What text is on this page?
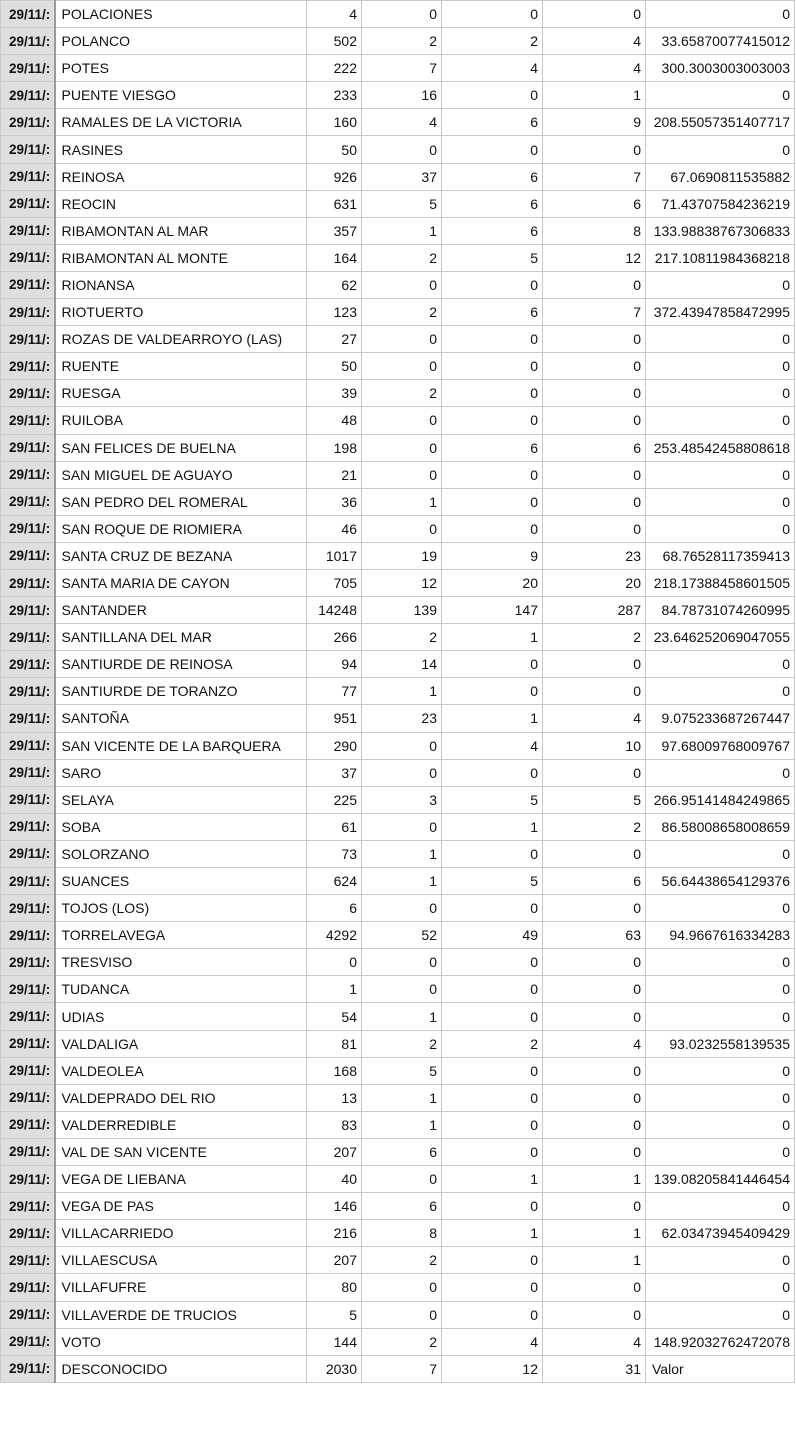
29/11/:	POLACIONES	4	0	0	0	0
29/11/:	POLANCO	502	2	2	4	33.65870077415012
29/11/:	POTES	222	7	4	4	300.3003003003003
29/11/:	PUENTE VIESGO	233	16	0	1	0
29/11/:	RAMALES DE LA VICTORIA	160	4	6	9	208.55057351407717
29/11/:	RASINES	50	0	0	0	0
29/11/:	REINOSA	926	37	6	7	67.0690811535882
29/11/:	REOCIN	631	5	6	6	71.43707584236219
29/11/:	RIBAMONTAN AL MAR	357	1	6	8	133.98838767306833
29/11/:	RIBAMONTAN AL MONTE	164	2	5	12	217.10811984368218
29/11/:	RIONANSA	62	0	0	0	0
29/11/:	RIOTUERTO	123	2	6	7	372.43947858472995
29/11/:	ROZAS DE VALDEARROYO (LAS)	27	0	0	0	0
29/11/:	RUENTE	50	0	0	0	0
29/11/:	RUESGA	39	2	0	0	0
29/11/:	RUILOBA	48	0	0	0	0
29/11/:	SAN FELICES DE BUELNA	198	0	6	6	253.48542458808618
29/11/:	SAN MIGUEL DE AGUAYO	21	0	0	0	0
29/11/:	SAN PEDRO DEL ROMERAL	36	1	0	0	0
29/11/:	SAN ROQUE DE RIOMIERA	46	0	0	0	0
29/11/:	SANTA CRUZ DE BEZANA	1017	19	9	23	68.76528117359413
29/11/:	SANTA MARIA DE CAYON	705	12	20	20	218.17388458601505
29/11/:	SANTANDER	14248	139	147	287	84.78731074260995
29/11/:	SANTILLANA DEL MAR	266	2	1	2	23.646252069047055
29/11/:	SANTIURDE DE REINOSA	94	14	0	0	0
29/11/:	SANTIURDE DE TORANZO	77	1	0	0	0
29/11/:	SANTOÑA	951	23	1	4	9.075233687267447
29/11/:	SAN VICENTE DE LA BARQUERA	290	0	4	10	97.68009768009767
29/11/:	SARO	37	0	0	0	0
29/11/:	SELAYA	225	3	5	5	266.95141484249865
29/11/:	SOBA	61	0	1	2	86.58008658008659
29/11/:	SOLORZANO	73	1	0	0	0
29/11/:	SUANCES	624	1	5	6	56.64438654129376
29/11/:	TOJOS (LOS)	6	0	0	0	0
29/11/:	TORRELAVEGA	4292	52	49	63	94.9667616334283
29/11/:	TRESVISO	0	0	0	0	0
29/11/:	TUDANCA	1	0	0	0	0
29/11/:	UDIAS	54	1	0	0	0
29/11/:	VALDALIGA	81	2	2	4	93.0232558139535
29/11/:	VALDEOLEA	168	5	0	0	0
29/11/:	VALDEPRADO DEL RIO	13	1	0	0	0
29/11/:	VALDERREDIBLE	83	1	0	0	0
29/11/:	VAL DE SAN VICENTE	207	6	0	0	0
29/11/:	VEGA DE LIEBANA	40	0	1	1	139.08205841446454
29/11/:	VEGA DE PAS	146	6	0	0	0
29/11/:	VILLACARRIEDO	216	8	1	1	62.03473945409429
29/11/:	VILLAESCUSA	207	2	0	1	0
29/11/:	VILLAFUFRE	80	0	0	0	0
29/11/:	VILLAVERDE DE TRUCIOS	5	0	0	0	0
29/11/:	VOTO	144	2	4	4	148.92032762472078
29/11/:	DESCONOCIDO	2030	7	12	31	Valor
